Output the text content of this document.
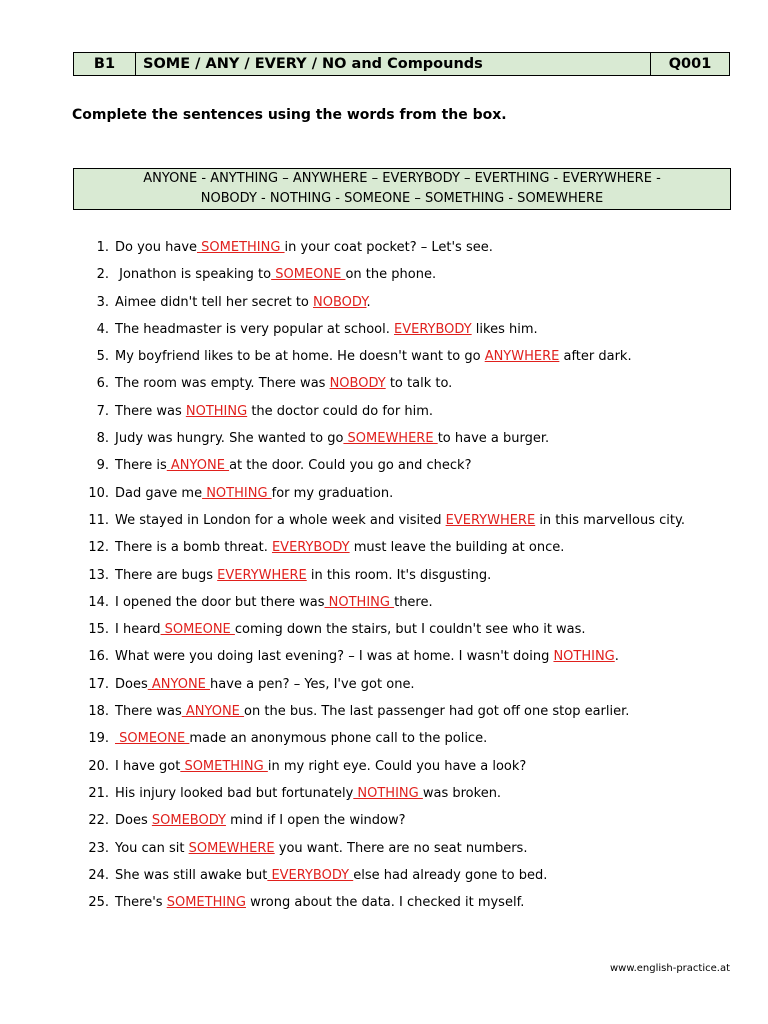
B1	SOME / ANY / EVERY / NO and Compounds	Q001
Complete the sentences using the words from the box.
ANYONE - ANYTHING – ANYWHERE – EVERYBODY – EVERTHING - EVERYWHERE -
NOBODY - NOTHING - SOMEONE – SOMETHING - SOMEWHERE
1. Do you have SOMETHING in your coat pocket? – Let's see.
2. Jonathon is speaking to SOMEONE on the phone.
3. Aimee didn't tell her secret to NOBODY.
4. The headmaster is very popular at school. EVERYBODY likes him.
5. My boyfriend likes to be at home. He doesn't want to go ANYWHERE after dark.
6. The room was empty. There was NOBODY to talk to.
7. There was NOTHING the doctor could do for him.
8. Judy was hungry. She wanted to go SOMEWHERE to have a burger.
9. There is ANYONE at the door. Could you go and check?
10. Dad gave me NOTHING for my graduation.
11. We stayed in London for a whole week and visited EVERYWHERE in this marvellous city.
12. There is a bomb threat. EVERYBODY must leave the building at once.
13. There are bugs EVERYWHERE in this room. It's disgusting.
14. I opened the door but there was NOTHING there.
15. I heard SOMEONE coming down the stairs, but I couldn't see who it was.
16. What were you doing last evening? – I was at home. I wasn't doing NOTHING.
17. Does ANYONE have a pen? – Yes, I've got one.
18. There was ANYONE on the bus. The last passenger had got off one stop earlier.
19. SOMEONE made an anonymous phone call to the police.
20. I have got SOMETHING in my right eye. Could you have a look?
21. His injury looked bad but fortunately NOTHING was broken.
22. Does SOMEBODY mind if I open the window?
23. You can sit SOMEWHERE you want. There are no seat numbers.
24. She was still awake but EVERYBODY else had already gone to bed.
25. There's SOMETHING wrong about the data. I checked it myself.
www.english-practice.at
